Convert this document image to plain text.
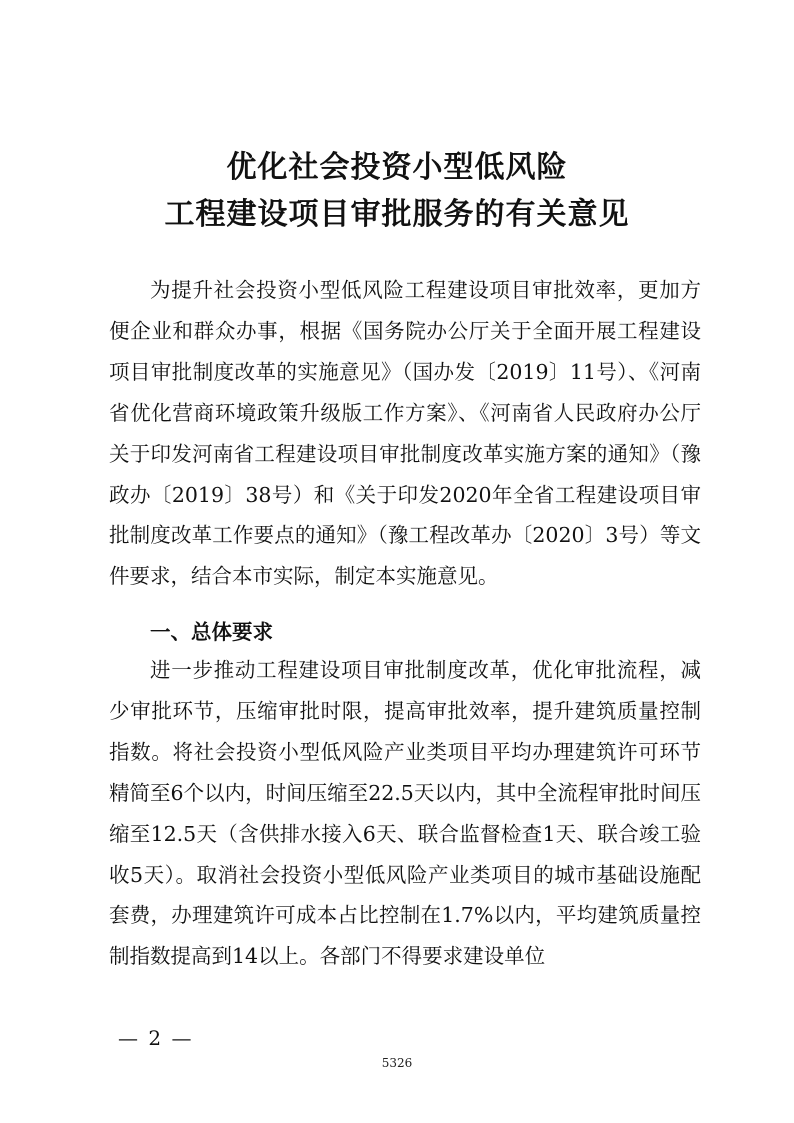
优化社会投资小型低风险
工程建设项目审批服务的有关意见

为提升社会投资小型低风险工程建设项目审批效率，更加方便企业和群众办事，根据《国务院办公厅关于全面开展工程建设项目审批制度改革的实施意见》（国办发〔2019〕11号）、《河南省优化营商环境政策升级版工作方案》、《河南省人民政府办公厅关于印发河南省工程建设项目审批制度改革实施方案的通知》（豫政办〔2019〕38号）和《关于印发2020年全省工程建设项目审批制度改革工作要点的通知》（豫工程改革办〔2020〕3号）等文件要求，结合本市实际，制定本实施意见。

一、总体要求

进一步推动工程建设项目审批制度改革，优化审批流程，减少审批环节，压缩审批时限，提高审批效率，提升建筑质量控制指数。将社会投资小型低风险产业类项目平均办理建筑许可环节精简至6个以内，时间压缩至22.5天以内，其中全流程审批时间压缩至12.5天（含供排水接入6天、联合监督检查1天、联合竣工验收5天）。取消社会投资小型低风险产业类项目的城市基础设施配套费，办理建筑许可成本占比控制在1.7%以内，平均建筑质量控制指数提高到14以上。各部门不得要求建设单位

— 2 —
5326
